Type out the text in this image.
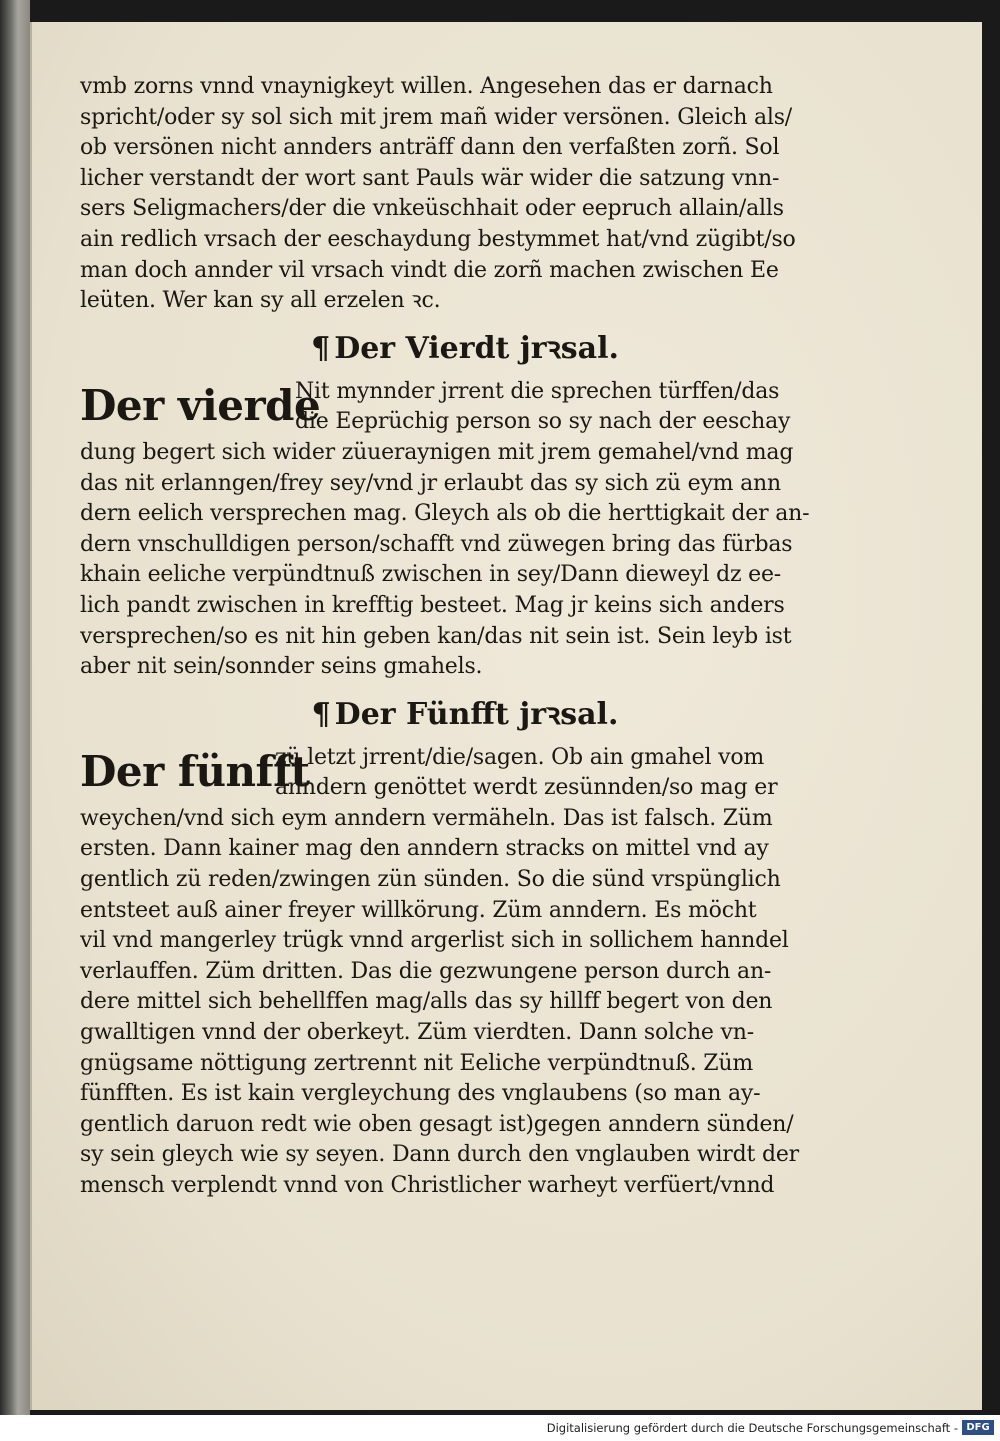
vmb zorns vnnd vnaynigkeyt willen. Angesehen das er darnach
spricht/oder sy sol sich mit jrem mañ wider versönen. Gleich als/
ob versönen nicht annders anträff dann den verfaßten zorñ. Sol
licher verstandt der wort sant Pauls wär wider die satzung vnn-
sers Seligmachers/der die vnkeüschhait oder eepruch allain/alls
ain redlich vrsach der eeschaydung bestymmet hat/vnd zügibt/so
man doch annder vil vrsach vindt die zorñ machen zwischen Ee
leüten. Wer kan sy all erzelen ꝛc.
¶ Der Vierdt jrꝛsal.
Der vierde
Nit mynnder jrrent die sprechen türffen/das
die Eeprüchig person so sy nach der eeschay
dung begert sich wider züueraynigen mit jrem gemahel/vnd mag
das nit erlanngen/frey sey/vnd jr erlaubt das sy sich zü eym ann
dern eelich versprechen mag. Gleych als ob die herttigkait der an-
dern vnschulldigen person/schafft vnd züwegen bring das fürbas
khain eeliche verpündtnuß zwischen in sey/Dann dieweyl dz ee-
lich pandt zwischen in krefftig besteet. Mag jr keins sich anders
versprechen/so es nit hin geben kan/das nit sein ist. Sein leyb ist
aber nit sein/sonnder seins gmahels.
¶ Der Fünfft jrꝛsal.
Der fünfft
zü letzt jrrent/die/sagen. Ob ain gmahel vom
anndern genöttet werdt zesünnden/so mag er
weychen/vnd sich eym anndern vermäheln. Das ist falsch. Züm
ersten. Dann kainer mag den anndern stracks on mittel vnd ay
gentlich zü reden/zwingen zün sünden. So die sünd vrspünglich
entsteet auß ainer freyer willkörung. Züm anndern. Es möcht
vil vnd mangerley trügk vnnd argerlist sich in sollichem hanndel
verlauffen. Züm dritten. Das die gezwungene person durch an-
dere mittel sich behellffen mag/alls das sy hillff begert von den
gwalltigen vnnd der oberkeyt. Züm vierdten. Dann solche vn-
gnügsame nöttigung zertrennt nit Eeliche verpündtnuß. Züm
fünfften. Es ist kain vergleychung des vnglaubens (so man ay-
gentlich daruon redt wie oben gesagt ist)gegen anndern sünden/
sy sein gleych wie sy seyen. Dann durch den vnglauben wirdt der
mensch verplendt vnnd von Christlicher warheyt verfüert/vnnd
Digitalisierung gefördert durch die Deutsche Forschungsgemeinschaft - DFG
